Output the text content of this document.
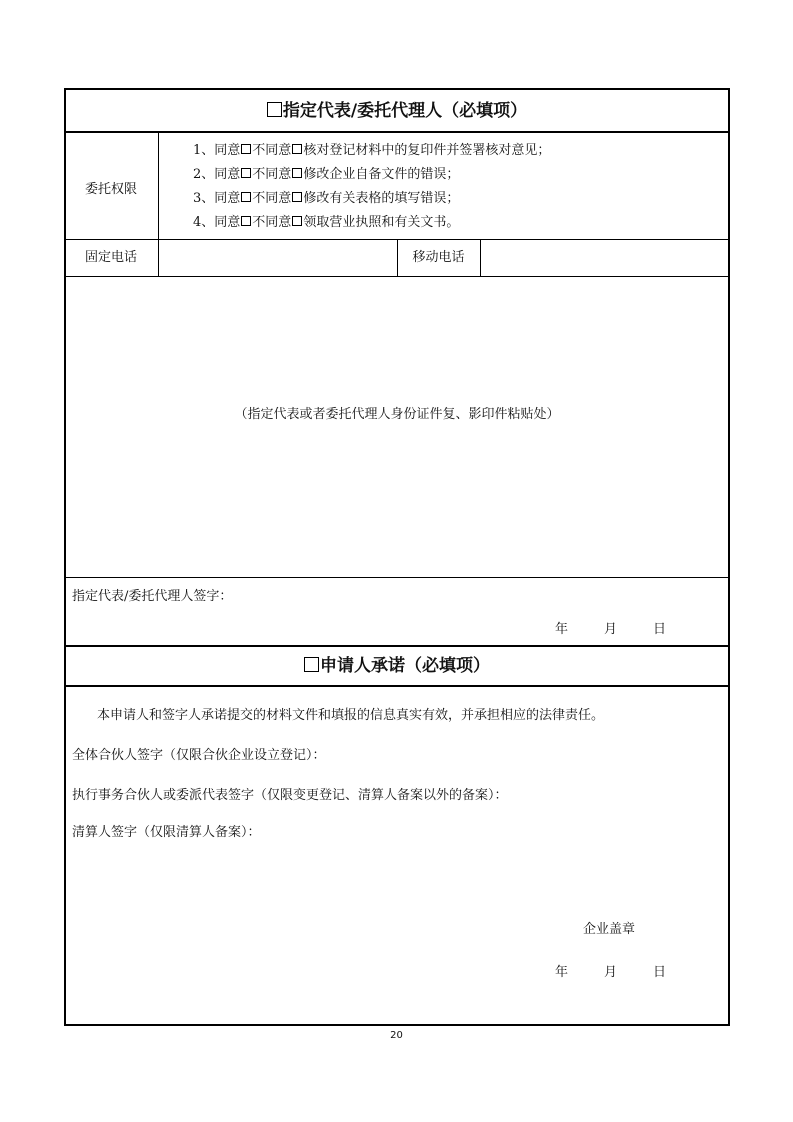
指定代表/委托代理人（必填项）
委托权限
1、同意 不同意 核对登记材料中的复印件并签署核对意见；
2、同意 不同意 修改企业自备文件的错误；
3、同意 不同意 修改有关表格的填写错误；
4、同意 不同意 领取营业执照和有关文书。
固定电话	移动电话
（指定代表或者委托代理人身份证件复、影印件粘贴处）
指定代表/委托代理人签字：
年	月	日
申请人承诺（必填项）
本申请人和签字人承诺提交的材料文件和填报的信息真实有效，并承担相应的法律责任。
全体合伙人签字（仅限合伙企业设立登记）：
执行事务合伙人或委派代表签字（仅限变更登记、清算人备案以外的备案）：
清算人签字（仅限清算人备案）：
企业盖章
年	月	日
20
